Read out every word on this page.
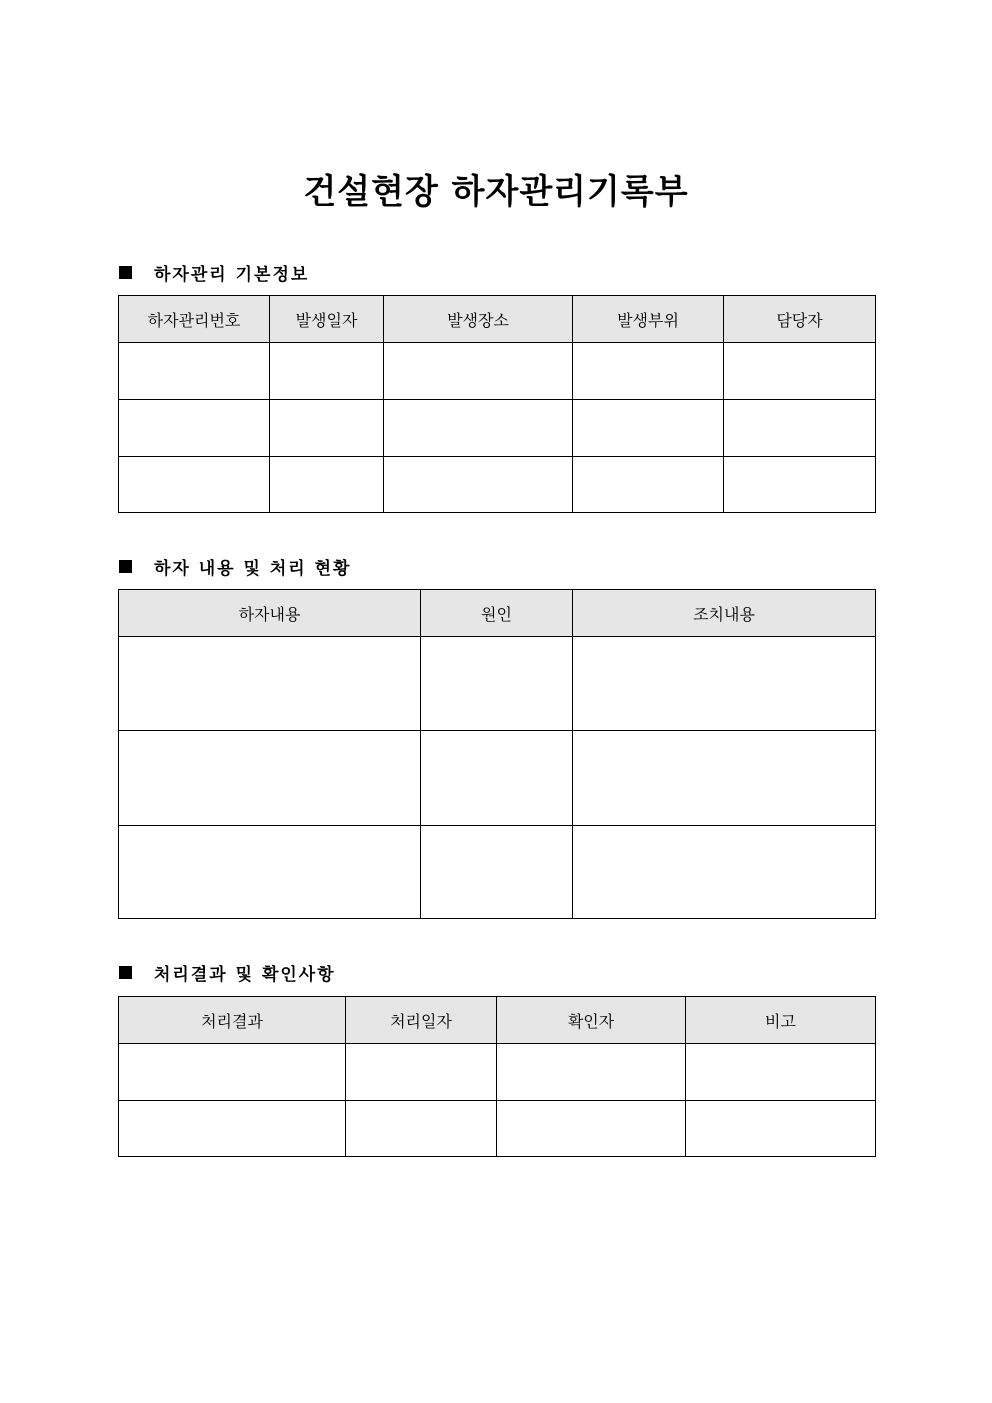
건설현장 하자관리기록부
하자관리 기본정보
하자관리번호	발생일자	발생장소	발생부위	담당자

하자 내용 및 처리 현황
하자내용	원인	조치내용

처리결과 및 확인사항
처리결과	처리일자	확인자	비고
